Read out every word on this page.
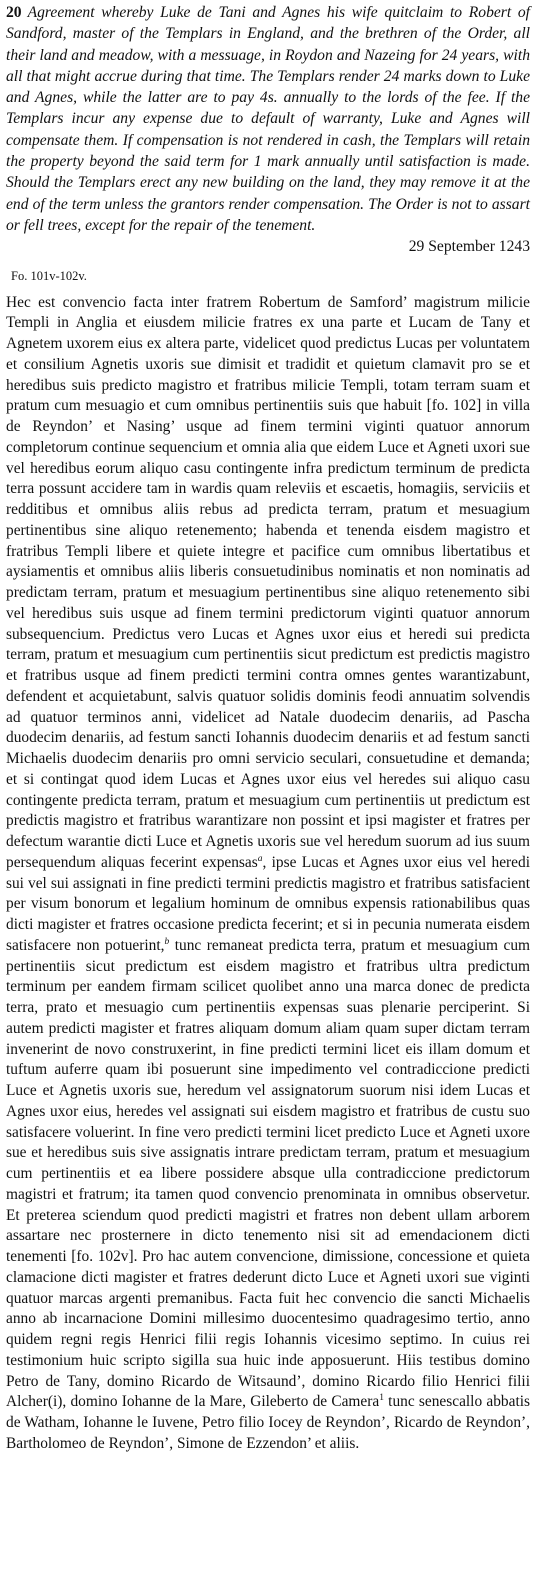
20 Agreement whereby Luke de Tani and Agnes his wife quitclaim to Robert of Sandford, master of the Templars in England, and the brethren of the Order, all their land and meadow, with a messuage, in Roydon and Nazeing for 24 years, with all that might accrue during that time. The Templars render 24 marks down to Luke and Agnes, while the latter are to pay 4s. annually to the lords of the fee. If the Templars incur any expense due to default of warranty, Luke and Agnes will compensate them. If compensation is not rendered in cash, the Templars will retain the property beyond the said term for 1 mark annually until satisfaction is made. Should the Templars erect any new building on the land, they may remove it at the end of the term unless the grantors render compensation. The Order is not to assart or fell trees, except for the repair of the tenement.

29 September 1243

Fo. 101v-102v.

Hec est convencio facta inter fratrem Robertum de Samford’ magistrum milicie Templi in Anglia et eiusdem milicie fratres ex una parte et Lucam de Tany et Agnetem uxorem eius ex altera parte, videlicet quod predictus Lucas per voluntatem et consilium Agnetis uxoris sue dimisit et tradidit et quietum clamavit pro se et heredibus suis predicto magistro et fratribus milicie Templi, totam terram suam et pratum cum mesuagio et cum omnibus pertinentiis suis que habuit [fo. 102] in villa de Reyndon’ et Nasing’ usque ad finem termini viginti quatuor annorum completorum continue sequencium et omnia alia que eidem Luce et Agneti uxori sue vel heredibus eorum aliquo casu contingente infra predictum terminum de predicta terra possunt accidere tam in wardis quam releviis et escaetis, homagiis, serviciis et redditibus et omnibus aliis rebus ad predicta terram, pratum et mesuagium pertinentibus sine aliquo retenemento; habenda et tenenda eisdem magistro et fratribus Templi libere et quiete integre et pacifice cum omnibus libertatibus et aysiamentis et omnibus aliis liberis consuetudinibus nominatis et non nominatis ad predictam terram, pratum et mesuagium pertinentibus sine aliquo retenemento sibi vel heredibus suis usque ad finem termini predictorum viginti quatuor annorum subsequencium. Predictus vero Lucas et Agnes uxor eius et heredi sui predicta terram, pratum et mesuagium cum pertinentiis sicut predictum est predictis magistro et fratribus usque ad finem predicti termini contra omnes gentes warantizabunt, defendent et acquietabunt, salvis quatuor solidis dominis feodi annuatim solvendis ad quatuor terminos anni, videlicet ad Natale duodecim denariis, ad Pascha duodecim denariis, ad festum sancti Iohannis duodecim denariis et ad festum sancti Michaelis duodecim denariis pro omni servicio seculari, consuetudine et demanda; et si contingat quod idem Lucas et Agnes uxor eius vel heredes sui aliquo casu contingente predicta terram, pratum et mesuagium cum pertinentiis ut predictum est predictis magistro et fratribus warantizare non possint et ipsi magister et fratres per defectum warantie dicti Luce et Agnetis uxoris sue vel heredum suorum ad ius suum persequendum aliquas fecerint expensas$^a$, ipse Lucas et Agnes uxor eius vel heredi sui vel sui assignati in fine predicti termini predictis magistro et fratribus satisfacient per visum bonorum et legalium hominum de omnibus expensis rationabilibus quas dicti magister et fratres occasione predicta fecerint; et si in pecunia numerata eisdem satisfacere non potuerint,$^b$ tunc remaneat predicta terra, pratum et mesuagium cum pertinentiis sicut predictum est eisdem magistro et fratribus ultra predictum terminum per eandem firmam scilicet quolibet anno una marca donec de predicta terra, prato et mesuagio cum pertinentiis expensas suas plenarie perciperint. Si autem predicti magister et fratres aliquam domum aliam quam super dictam terram invenerint de novo construxerint, in fine predicti termini licet eis illam domum et tuftum auferre quam ibi posuerunt sine impedimento vel contradiccione predicti Luce et Agnetis uxoris sue, heredum vel assignatorum suorum nisi idem Lucas et Agnes uxor eius, heredes vel assignati sui eisdem magistro et fratribus de custu suo satisfacere voluerint. In fine vero predicti termini licet predicto Luce et Agneti uxore sue et heredibus suis sive assignatis intrare predictam terram, pratum et mesuagium cum pertinentiis et ea libere possidere absque ulla contradiccione predictorum magistri et fratrum; ita tamen quod convencio prenominata in omnibus observetur. Et preterea sciendum quod predicti magistri et fratres non debent ullam arborem assartare nec prosternere in dicto tenemento nisi sit ad emendacionem dicti tenementi [fo. 102v]. Pro hac autem convencione, dimissione, concessione et quieta clamacione dicti magister et fratres dederunt dicto Luce et Agneti uxori sue viginti quatuor marcas argenti premanibus. Facta fuit hec convencio die sancti Michaelis anno ab incarnacione Domini millesimo duocentesimo quadragesimo tertio, anno quidem regni regis Henrici filii regis Iohannis vicesimo septimo. In cuius rei testimonium huic scripto sigilla sua huic inde apposuerunt. Hiis testibus domino Petro de Tany, domino Ricardo de Witsaund’, domino Ricardo filio Henrici filii Alcher(i), domino Iohanne de la Mare, Gileberto de Camera$^1$ tunc senescallo abbatis de Watham, Iohanne le Iuvene, Petro filio Iocey de Reyndon’, Ricardo de Reyndon’, Bartholomeo de Reyndon’, Simone de Ezzendon’ et aliis.
